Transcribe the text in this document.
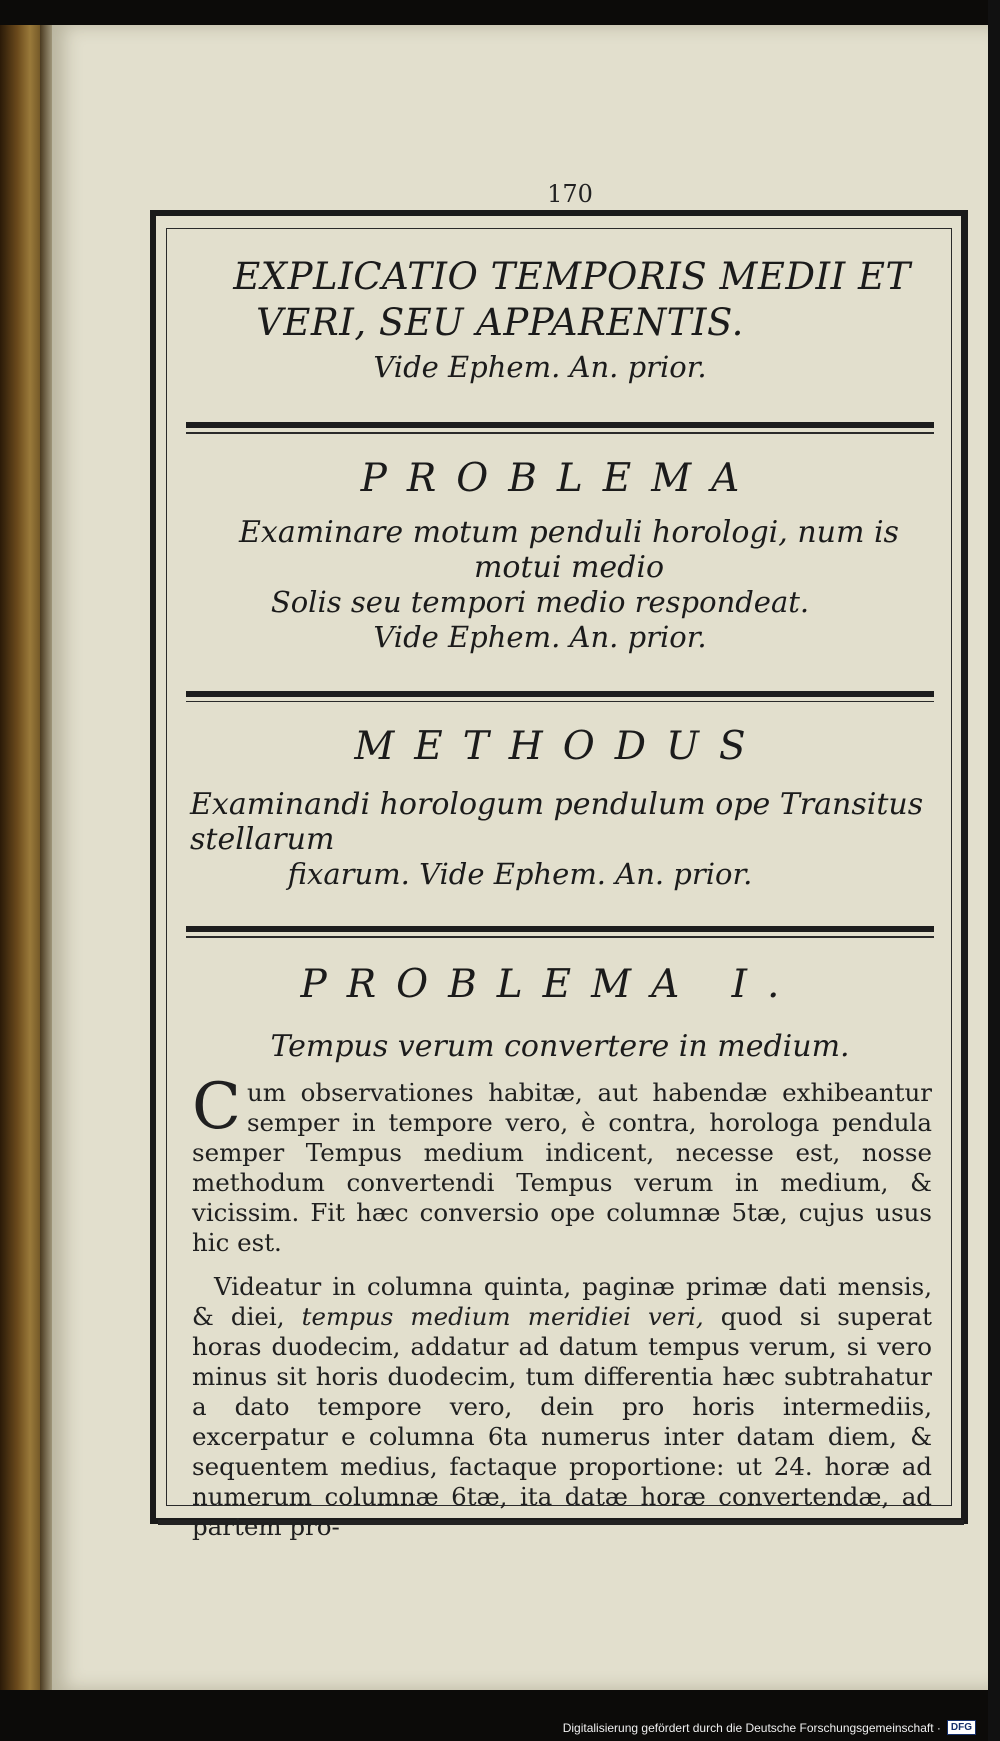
170
EXPLICATIO TEMPORIS MEDII ET
VERI, SEU APPARENTIS.
Vide Ephem. An. prior.
PROBLEMA
Examinare motum penduli horologi, num is motui medio
Solis seu tempori medio respondeat.
Vide Ephem. An. prior.
METHODUS
Examinandi horologum pendulum ope Transitus stellarum
fixarum. Vide Ephem. An. prior.
PROBLEMA I.
Tempus verum convertere in medium.
Cum observationes habitæ, aut habendæ exhibeantur semper in tempore vero, è contra, horologa pendula semper Tempus medium indicent, necesse est, nosse methodum convertendi Tempus verum in medium, & vicissim. Fit hæc conversio ope columnæ 5tæ, cujus usus hic est.
Videatur in columna quinta, paginæ primæ dati mensis, & diei, tempus medium meridiei veri, quod si superat horas duodecim, addatur ad datum tempus verum, si vero minus sit horis duodecim, tum differentia hæc subtrahatur a dato tempore vero, dein pro horis intermediis, excerpatur e columna 6ta numerus inter datam diem, & sequentem medius, factaque proportione: ut 24. horæ ad numerum columnæ 6tæ, ita datæ horæ convertendæ, ad partem pro-
Digitalisierung gefördert durch die Deutsche Forschungsgemeinschaft ·	DFG
